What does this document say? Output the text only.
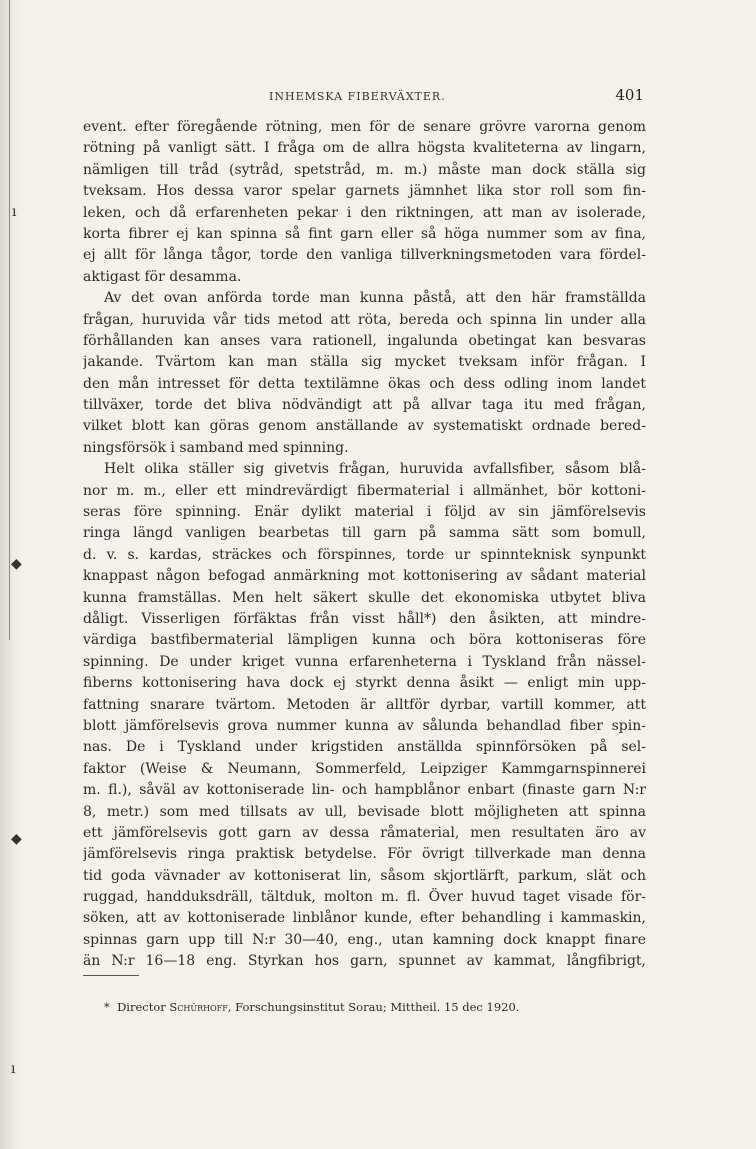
ı
◆
◆
ı
INHEMSKA FIBERVÄXTER.	401
event. efter föregående rötning, men för de senare grövre varorna genom
rötning på vanligt sätt. I fråga om de allra högsta kvaliteterna av lingarn,
nämligen till tråd (sytråd, spetstråd, m. m.) måste man dock ställa sig
tveksam. Hos dessa varor spelar garnets jämnhet lika stor roll som fin-
leken, och då erfarenheten pekar i den riktningen, att man av isolerade,
korta fibrer ej kan spinna så fint garn eller så höga nummer som av fina,
ej allt för långa tågor, torde den vanliga tillverkningsmetoden vara fördel-
aktigast för desamma.
Av det ovan anförda torde man kunna påstå, att den här framställda
frågan, huruvida vår tids metod att röta, bereda och spinna lin under alla
förhållanden kan anses vara rationell, ingalunda obetingat kan besvaras
jakande. Tvärtom kan man ställa sig mycket tveksam inför frågan. I
den mån intresset för detta textilämne ökas och dess odling inom landet
tillväxer, torde det bliva nödvändigt att på allvar taga itu med frågan,
vilket blott kan göras genom anställande av systematiskt ordnade bered-
ningsförsök i samband med spinning.
Helt olika ställer sig givetvis frågan, huruvida avfallsfiber, såsom blå-
nor m. m., eller ett mindrevärdigt fibermaterial i allmänhet, bör kottoni-
seras före spinning. Enär dylikt material i följd av sin jämförelsevis
ringa längd vanligen bearbetas till garn på samma sätt som bomull,
d. v. s. kardas, sträckes och förspinnes, torde ur spinnteknisk synpunkt
knappast någon befogad anmärkning mot kottonisering av sådant material
kunna framställas. Men helt säkert skulle det ekonomiska utbytet bliva
dåligt. Visserligen förfäktas från visst håll*) den åsikten, att mindre-
värdiga bastfibermaterial lämpligen kunna och böra kottoniseras före
spinning. De under kriget vunna erfarenheterna i Tyskland från nässel-
fiberns kottonisering hava dock ej styrkt denna åsikt — enligt min upp-
fattning snarare tvärtom. Metoden är alltför dyrbar, vartill kommer, att
blott jämförelsevis grova nummer kunna av sålunda behandlad fiber spin-
nas. De i Tyskland under krigstiden anställda spinnförsöken på sel-
faktor (Weise & Neumann, Sommerfeld, Leipziger Kammgarnspinnerei
m. fl.), såväl av kottoniserade lin- och hampblånor enbart (finaste garn N:r
8, metr.) som med tillsats av ull, bevisade blott möjligheten att spinna
ett jämförelsevis gott garn av dessa råmaterial, men resultaten äro av
jämförelsevis ringa praktisk betydelse. För övrigt tillverkade man denna
tid goda vävnader av kottoniserat lin, såsom skjortlärft, parkum, slät och
ruggad, handduksdräll, tältduk, molton m. fl. Över huvud taget visade för-
söken, att av kottoniserade linblånor kunde, efter behandling i kammaskin,
spinnas garn upp till N:r 30—40, eng., utan kamning dock knappt finare
än N:r 16—18 eng. Styrkan hos garn, spunnet av kammat, långfibrigt,
* Director Schürhoff, Forschungsinstitut Sorau; Mittheil. 15 dec 1920.
